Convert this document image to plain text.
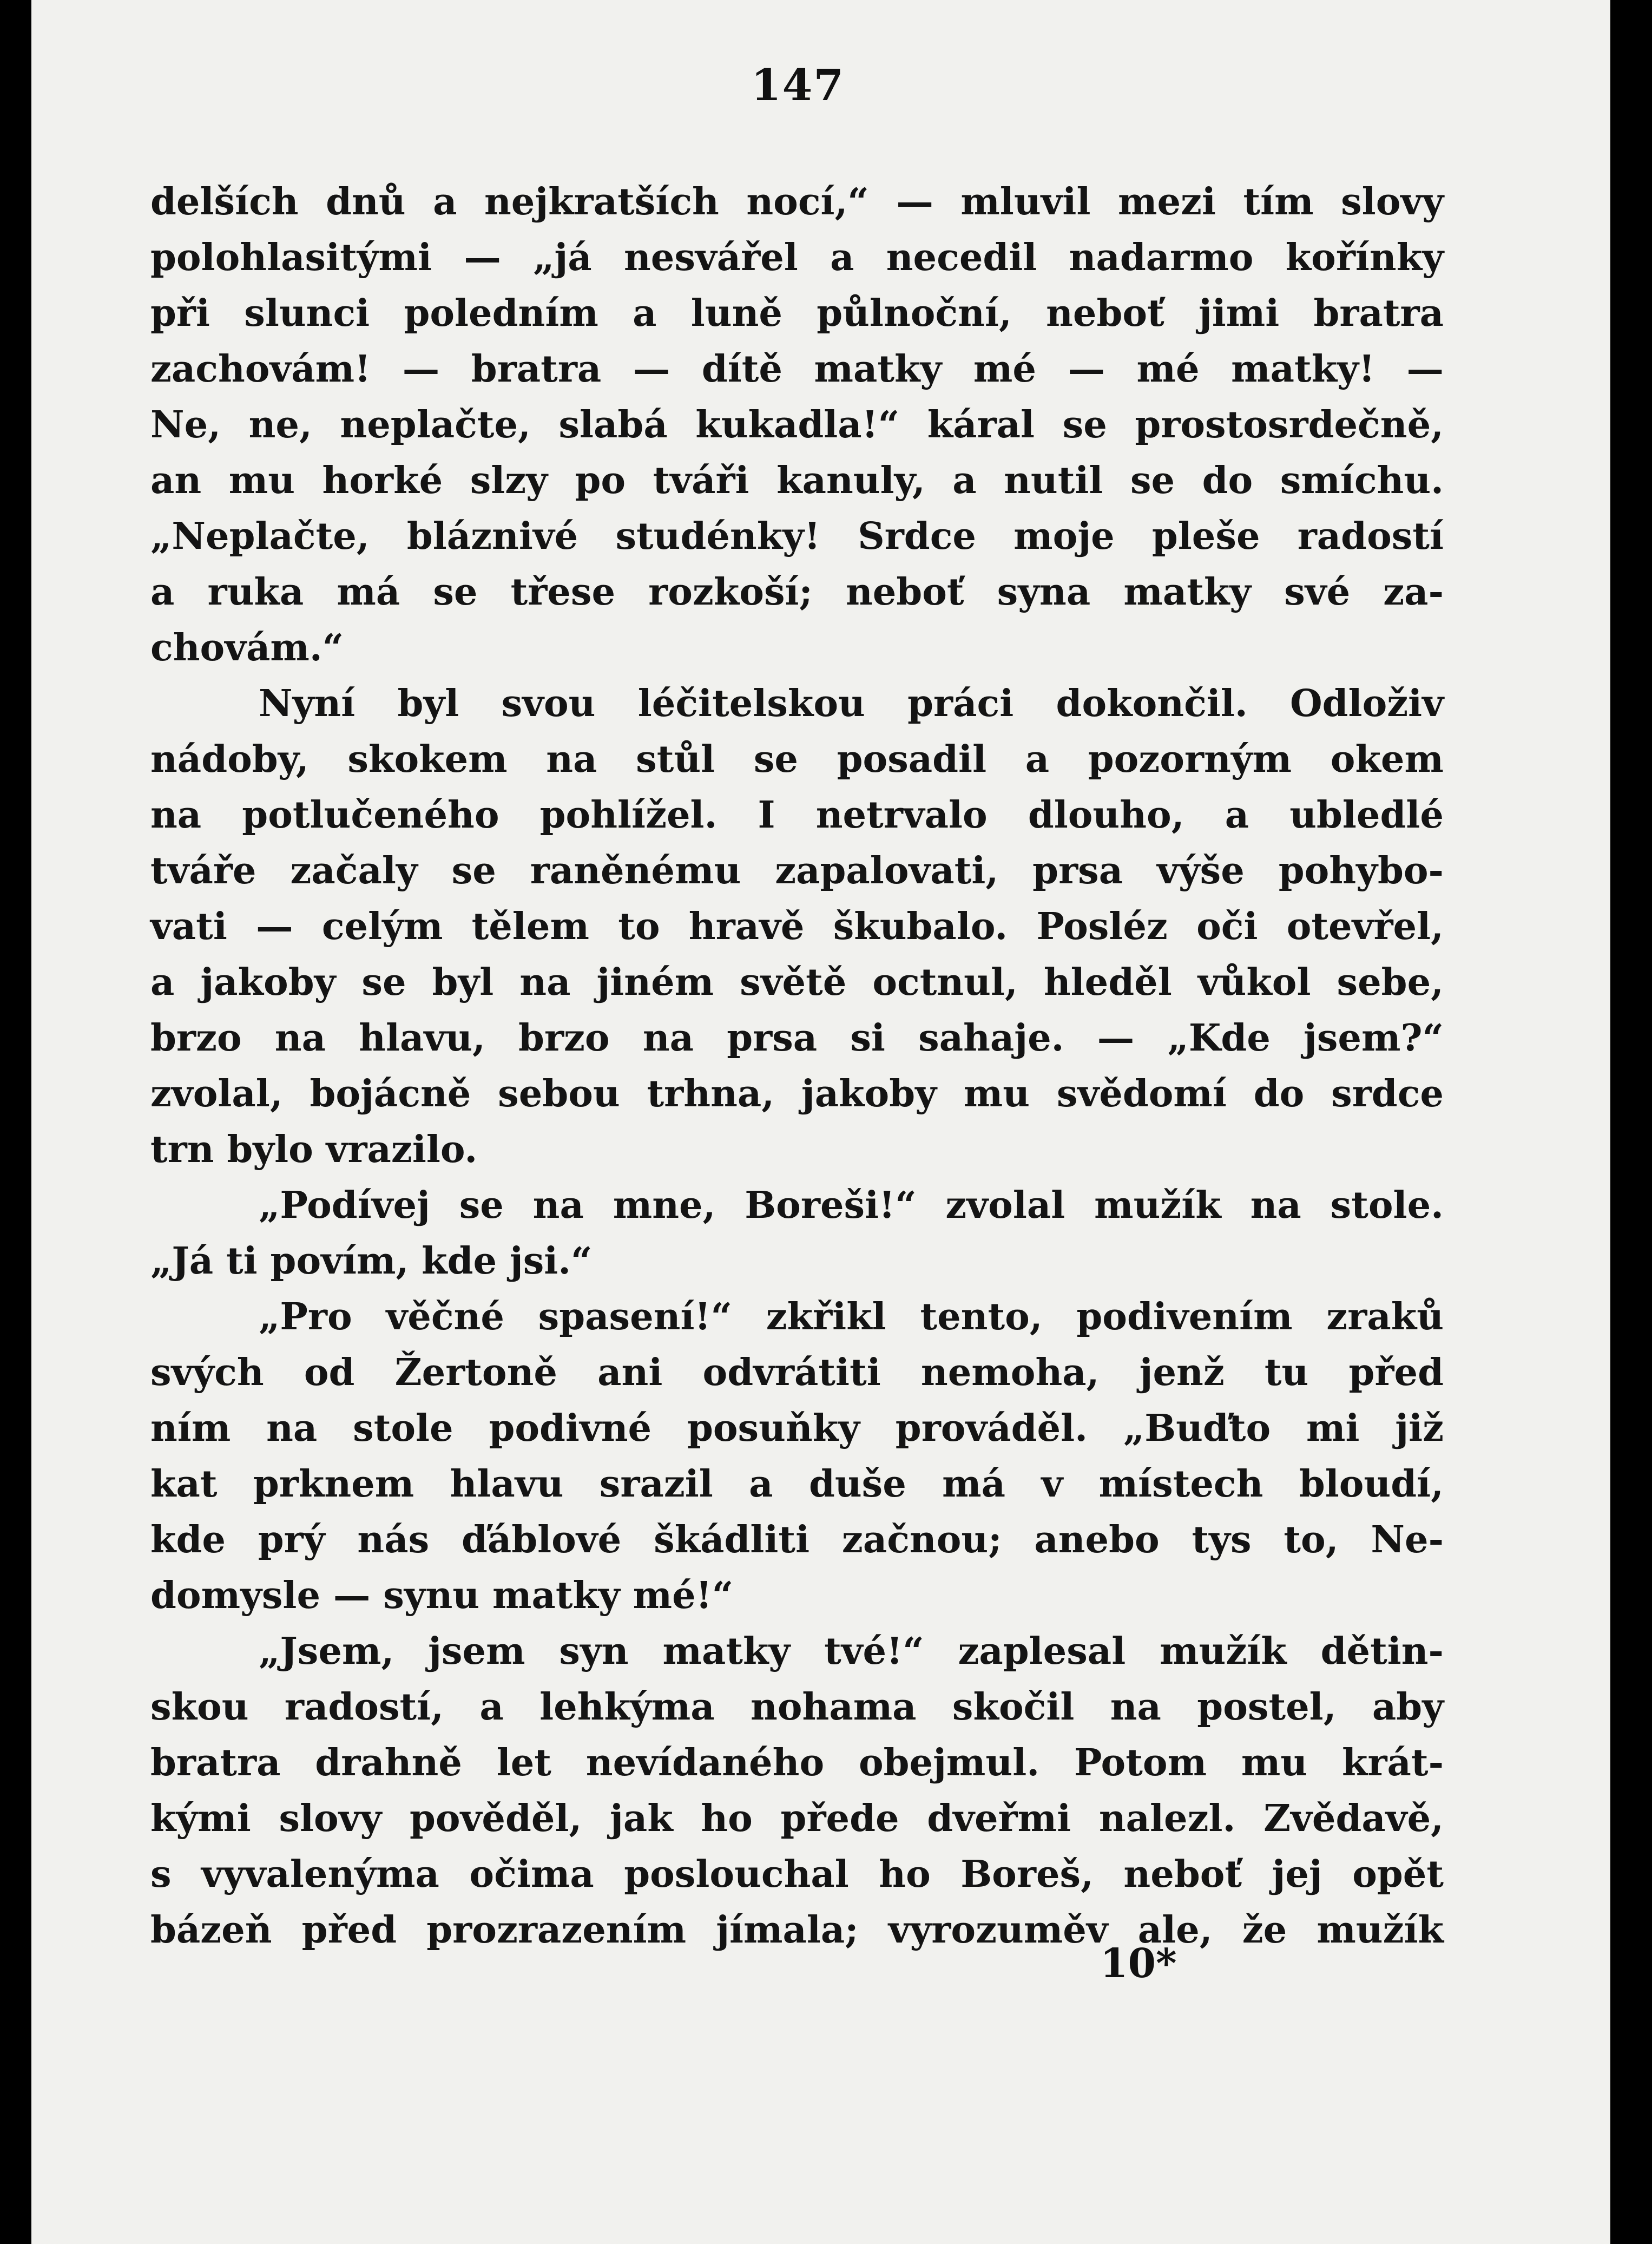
147
delších dnů a nejkratších nocí,“ — mluvil mezi tím slovy
polohlasitými — „já nesvářel a necedil nadarmo kořínky
při slunci poledním a luně půlnoční, neboť jimi bratra
zachovám! — bratra — dítě matky mé — mé matky! —
Ne, ne, neplačte, slabá kukadla!“ káral se prostosrdečně,
an mu horké slzy po tváři kanuly, a nutil se do smíchu.
„Neplačte, bláznivé studénky! Srdce moje pleše radostí
a ruka má se třese rozkoší; neboť syna matky své za-
chovám.“
Nyní byl svou léčitelskou práci dokončil. Odloživ
nádoby, skokem na stůl se posadil a pozorným okem
na potlučeného pohlížel. I netrvalo dlouho, a ubledlé
tváře začaly se raněnému zapalovati, prsa výše pohybo-
vati — celým tělem to hravě škubalo. Posléz oči otevřel,
a jakoby se byl na jiném světě octnul, hleděl vůkol sebe,
brzo na hlavu, brzo na prsa si sahaje. — „Kde jsem?“
zvolal, bojácně sebou trhna, jakoby mu svědomí do srdce
trn bylo vrazilo.
„Podívej se na mne, Boreši!“ zvolal mužík na stole.
„Já ti povím, kde jsi.“
„Pro věčné spasení!“ zkřikl tento, podivením zraků
svých od Žertoně ani odvrátiti nemoha, jenž tu před
ním na stole podivné posuňky prováděl. „Buďto mi již
kat prknem hlavu srazil a duše má v místech bloudí,
kde prý nás ďáblové škádliti začnou; anebo tys to, Ne-
domysle — synu matky mé!“
„Jsem, jsem syn matky tvé!“ zaplesal mužík dětin-
skou radostí, a lehkýma nohama skočil na postel, aby
bratra drahně let nevídaného obejmul. Potom mu krát-
kými slovy pověděl, jak ho přede dveřmi nalezl. Zvědavě,
s vyvalenýma očima poslouchal ho Boreš, neboť jej opět
bázeň před prozrazením jímala; vyrozuměv ale, že mužík
10*
